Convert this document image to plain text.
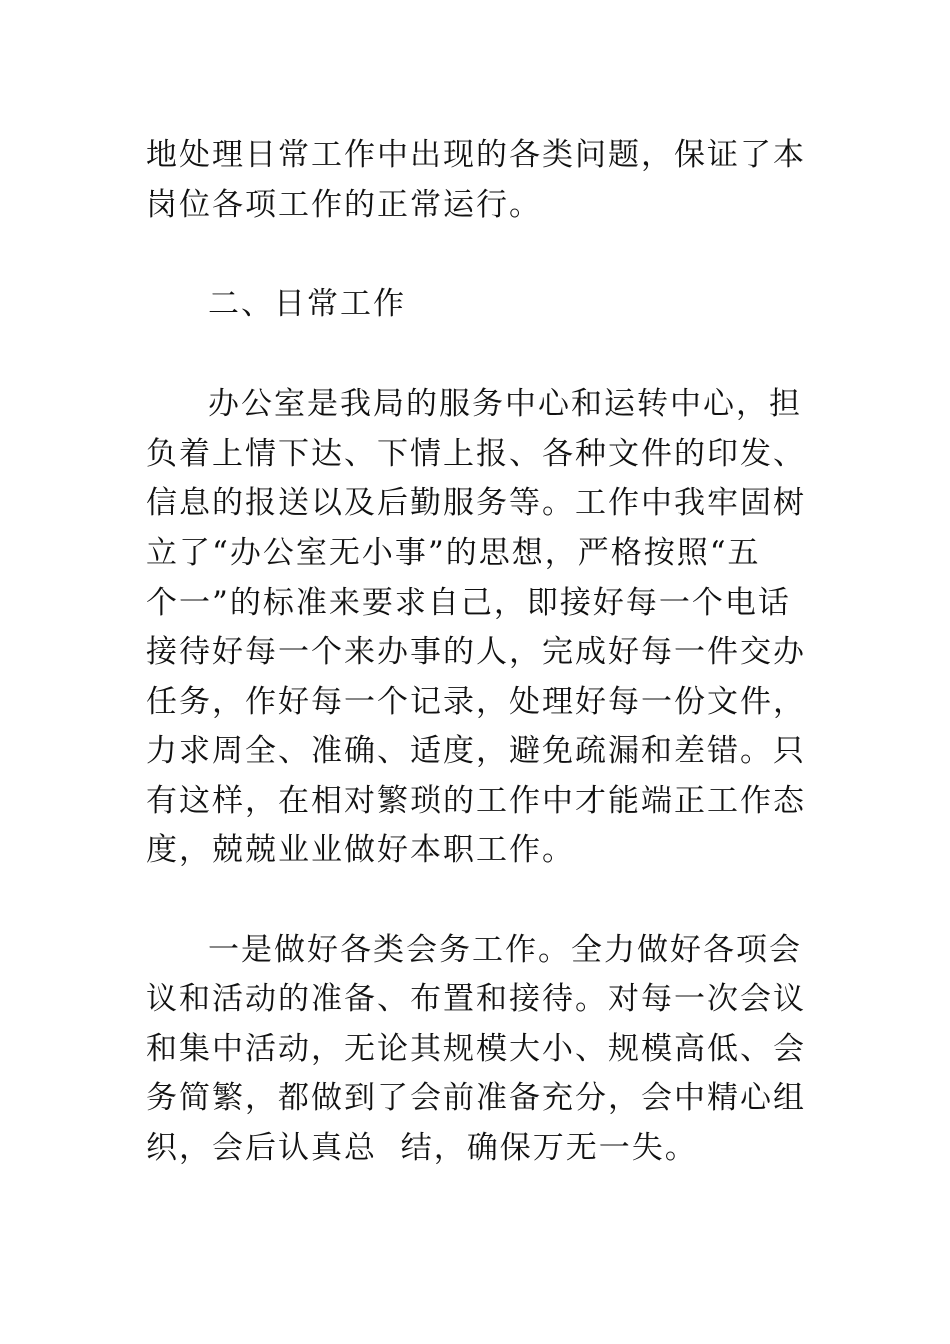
地处理日常工作中出现的各类问题，保证了本
岗位各项工作的正常运行。
二、日常工作
办公室是我局的服务中心和运转中心，担
负着上情下达、下情上报、各种文件的印发、
信息的报送以及后勤服务等。工作中我牢固树
立了“办公室无小事”的思想，严格按照“五
个一”的标准来要求自己，即接好每一个电话
接待好每一个来办事的人，完成好每一件交办
任务，作好每一个记录，处理好每一份文件，
力求周全、准确、适度，避免疏漏和差错。只
有这样，在相对繁琐的工作中才能端正工作态
度，兢兢业业做好本职工作。
一是做好各类会务工作。全力做好各项会
议和活动的准备、布置和接待。对每一次会议
和集中活动，无论其规模大小、规模高低、会
务简繁，都做到了会前准备充分，会中精心组
织，会后认真总  结，确保万无一失。
